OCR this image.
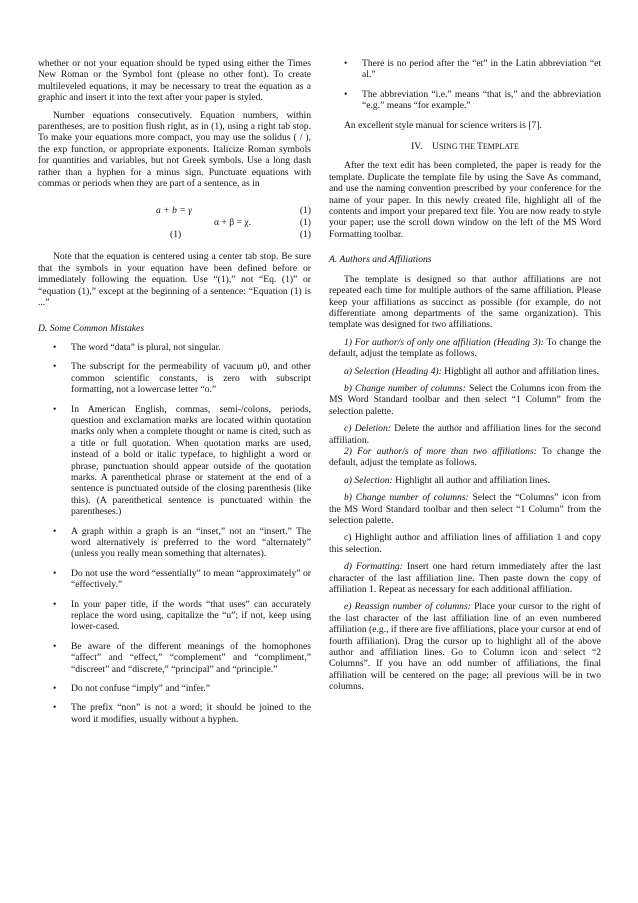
whether or not your equation should be typed using either the Times New Roman or the Symbol font (please no other font). To create multileveled equations, it may be necessary to treat the equation as a graphic and insert it into the text after your paper is styled.

Number equations consecutively. Equation numbers, within parentheses, are to position flush right, as in (1), using a right tab stop. To make your equations more compact, you may use the solidus ( / ), the exp function, or appropriate exponents. Italicize Roman symbols for quantities and variables, but not Greek symbols. Use a long dash rather than a hyphen for a minus sign. Punctuate equations with commas or periods when they are part of a sentence, as in

a + b = γ	(1)
α + β = χ.	(1)
(1)	(1)

Note that the equation is centered using a center tab stop. Be sure that the symbols in your equation have been defined before or immediately following the equation. Use “(1),” not “Eq. (1)” or “equation (1),” except at the beginning of a sentence: “Equation (1) is ...”

D. Some Common Mistakes

• The word “data” is plural, not singular.
• The subscript for the permeability of vacuum μ0, and other common scientific constants, is zero with subscript formatting, not a lowercase letter “o.”
• In American English, commas, semi-/colons, periods, question and exclamation marks are located within quotation marks only when a complete thought or name is cited, such as a title or full quotation. When quotation marks are used, instead of a bold or italic typeface, to highlight a word or phrase, punctuation should appear outside of the quotation marks. A parenthetical phrase or statement at the end of a sentence is punctuated outside of the closing parenthesis (like this). (A parenthetical sentence is punctuated within the parentheses.)
• A graph within a graph is an “inset,” not an “insert.” The word alternatively is preferred to the word “alternately” (unless you really mean something that alternates).
• Do not use the word “essentially” to mean “approximately” or “effectively.”
• In your paper title, if the words “that uses” can accurately replace the word using, capitalize the “u”; if not, keep using lower-cased.
• Be aware of the different meanings of the homophones “affect” and “effect,” “complement” and “compliment,” “discreet” and “discrete,” “principal” and “principle.”
• Do not confuse “imply” and “infer.”
• The prefix “non” is not a word; it should be joined to the word it modifies, usually without a hyphen.
• There is no period after the “et” in the Latin abbreviation “et al.”
• The abbreviation “i.e.” means “that is,” and the abbreviation “e.g.” means “for example.”

An excellent style manual for science writers is [7].

IV. USING THE TEMPLATE

After the text edit has been completed, the paper is ready for the template. Duplicate the template file by using the Save As command, and use the naming convention prescribed by your conference for the name of your paper. In this newly created file, highlight all of the contents and import your prepared text file. You are now ready to style your paper; use the scroll down window on the left of the MS Word Formatting toolbar.

A. Authors and Affiliations

The template is designed so that author affiliations are not repeated each time for multiple authors of the same affiliation. Please keep your affiliations as succinct as possible (for example, do not differentiate among departments of the same organization). This template was designed for two affiliations.

1) For author/s of only one affiliation (Heading 3): To change the default, adjust the template as follows.

a) Selection (Heading 4): Highlight all author and affiliation lines.

b) Change number of columns: Select the Columns icon from the MS Word Standard toolbar and then select “1 Column” from the selection palette.

c) Deletion: Delete the author and affiliation lines for the second affiliation.

2) For author/s of more than two affiliations: To change the default, adjust the template as follows.

a) Selection: Highlight all author and affiliation lines.

b) Change number of columns: Select the “Columns” icon from the MS Word Standard toolbar and then select “1 Column” from the selection palette.

c) Highlight author and affiliation lines of affiliation 1 and copy this selection.

d) Formatting: Insert one hard return immediately after the last character of the last affiliation line. Then paste down the copy of affiliation 1. Repeat as necessary for each additional affiliation.

e) Reassign number of columns: Place your cursor to the right of the last character of the last affiliation line of an even numbered affiliation (e.g., if there are five affiliations, place your cursor at end of fourth affiliation). Drag the cursor up to highlight all of the above author and affiliation lines. Go to Column icon and select “2 Columns”. If you have an odd number of affiliations, the final affiliation will be centered on the page; all previous will be in two columns.
